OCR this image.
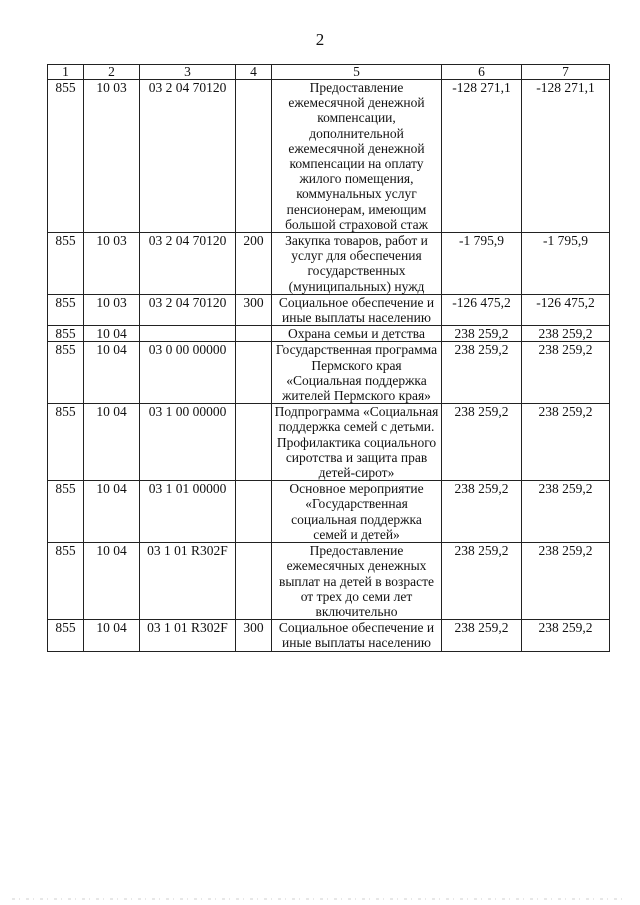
2
1	2	3	4	5	6	7
855	10 03	03 2 04 70120		Предоставление ежемесячной денежной компенсации, дополнительной ежемесячной денежной компенсации на оплату жилого помещения, коммунальных услуг пенсионерам, имеющим большой страховой стаж	-128 271,1	-128 271,1
855	10 03	03 2 04 70120	200	Закупка товаров, работ и услуг для обеспечения государственных (муниципальных) нужд	-1 795,9	-1 795,9
855	10 03	03 2 04 70120	300	Социальное обеспечение и иные выплаты населению	-126 475,2	-126 475,2
855	10 04			Охрана семьи и детства	238 259,2	238 259,2
855	10 04	03 0 00 00000		Государственная программа Пермского края «Социальная поддержка жителей Пермского края»	238 259,2	238 259,2
855	10 04	03 1 00 00000		Подпрограмма «Социальная поддержка семей с детьми. Профилактика социального сиротства и защита прав детей-сирот»	238 259,2	238 259,2
855	10 04	03 1 01 00000		Основное мероприятие «Государственная социальная поддержка семей и детей»	238 259,2	238 259,2
855	10 04	03 1 01 R302F		Предоставление ежемесячных денежных выплат на детей в возрасте от трех до семи лет включительно	238 259,2	238 259,2
855	10 04	03 1 01 R302F	300	Социальное обеспечение и иные выплаты населению	238 259,2	238 259,2
